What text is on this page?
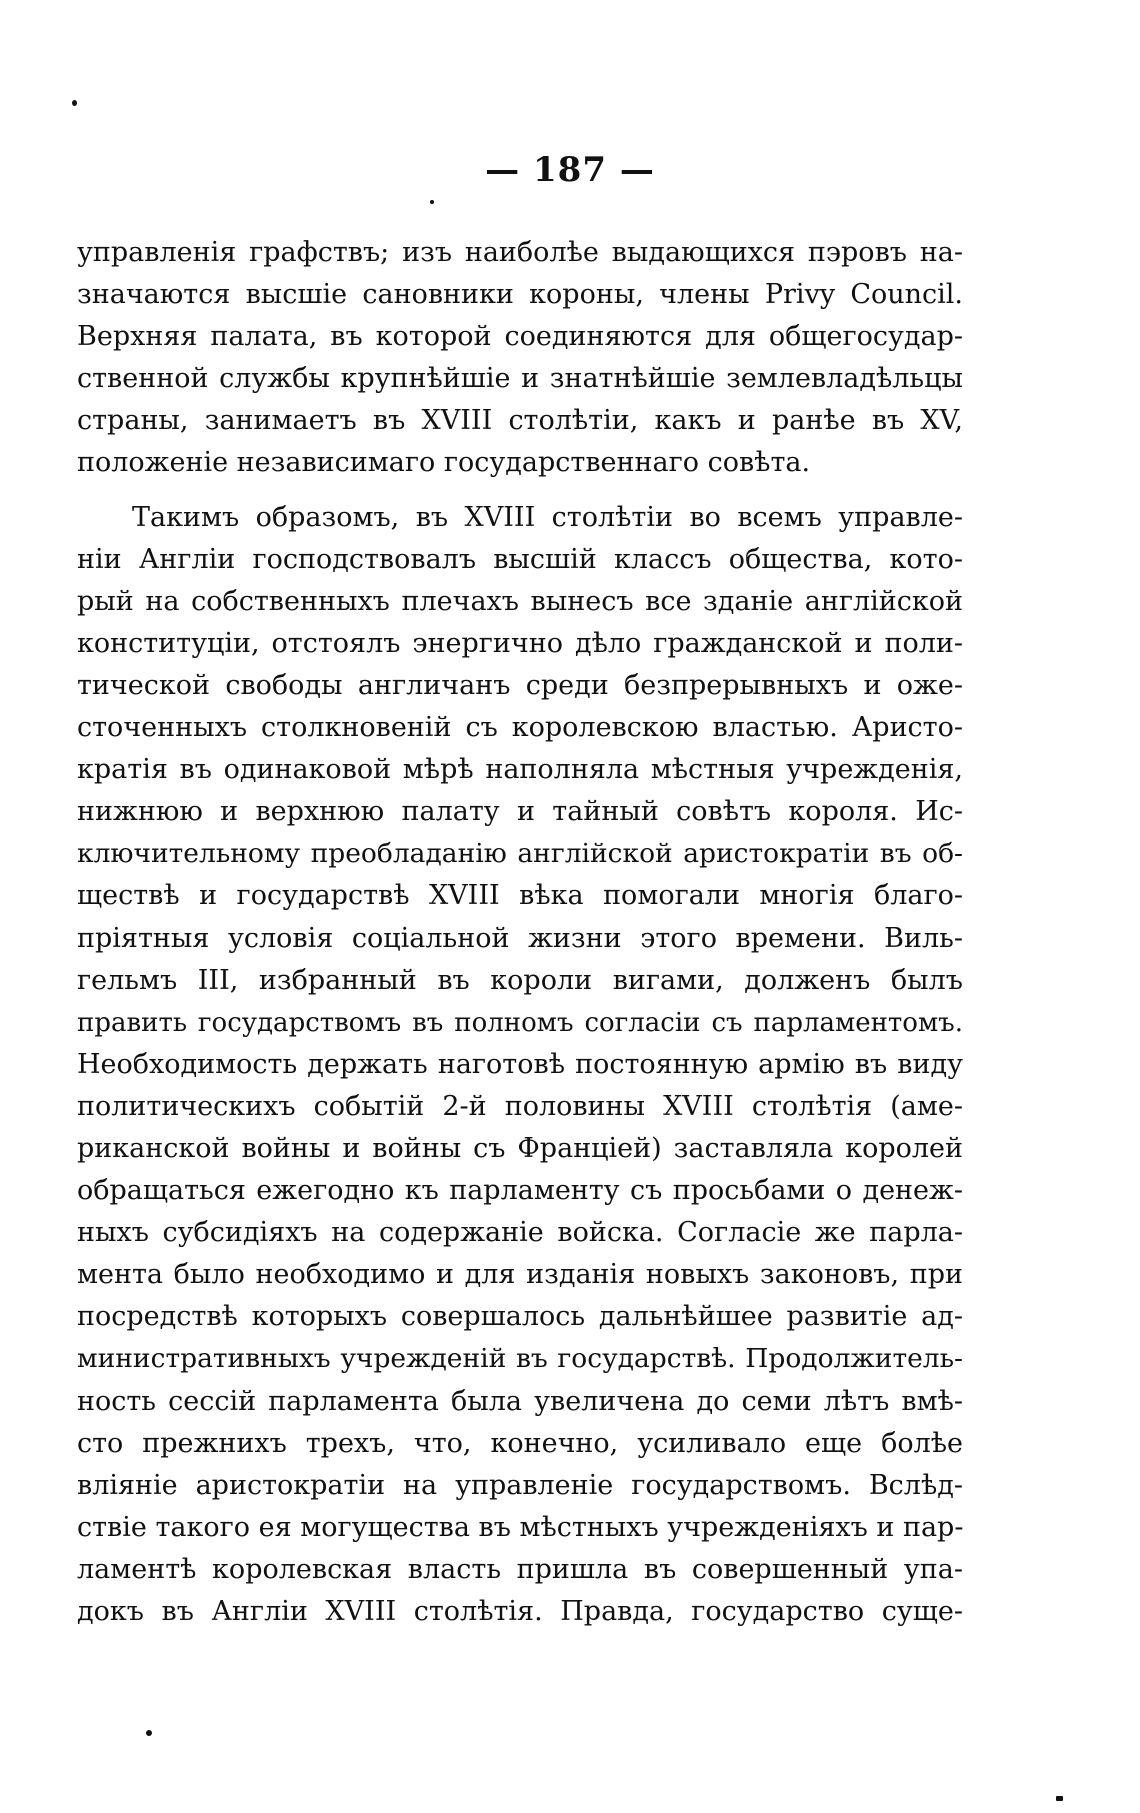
— 187 —
управленія графствъ; изъ наиболѣе выдающихся пэровъ на-
значаются высшіе сановники короны, члены Privy Council.
Верхняя палата, въ которой соединяются для общегосудар-
ственной службы крупнѣйшіе и знатнѣйшіе землевладѣльцы
страны, занимаетъ въ XVIII столѣтіи, какъ и ранѣе въ XV,
положеніе независимаго государственнаго совѣта.
Такимъ образомъ, въ XVIII столѣтіи во всемъ управле-
ніи Англіи господствовалъ высшій классъ общества, кото-
рый на собственныхъ плечахъ вынесъ все зданіе англійской
конституціи, отстоялъ энергично дѣло гражданской и поли-
тической свободы англичанъ среди безпрерывныхъ и ожe-
сточенныхъ столкновеній съ королевскою властью. Аристо-
кратія въ одинаковой мѣрѣ наполняла мѣстныя учрежденія,
нижнюю и верхнюю палату и тайный совѣтъ короля. Ис-
ключительному преобладанію англійской аристократіи въ об-
ществѣ и государствѣ XVIII вѣка помогали многія благо-
пріятныя условія соціальной жизни этого времени. Виль-
гельмъ III, избранный въ короли вигами, долженъ былъ
править государствомъ въ полномъ согласіи съ парламентомъ.
Необходимость держать наготовѣ постоянную армію въ виду
политическихъ событій 2-й половины XVIII столѣтія (аме-
риканской войны и войны съ Франціей) заставляла королей
обращаться ежегодно къ парламенту съ просьбами о денеж-
ныхъ субсидіяхъ на содержаніе войска. Согласіе же парла-
мента было необходимо и для изданія новыхъ законовъ, при
посредствѣ которыхъ совершалось дальнѣйшее развитіе ад-
министративныхъ учрежденій въ государствѣ. Продолжитель-
ность сессій парламента была увеличена до семи лѣтъ вмѣ-
сто прежнихъ трехъ, что, конечно, усиливало еще болѣе
вліяніе аристократіи на управленіе государствомъ. Вслѣд-
ствіе такого ея могущества въ мѣстныхъ учрежденіяхъ и пар-
ламентѣ королевская власть пришла въ совершенный упа-
докъ въ Англіи XVIII столѣтія. Правда, государство суще-
